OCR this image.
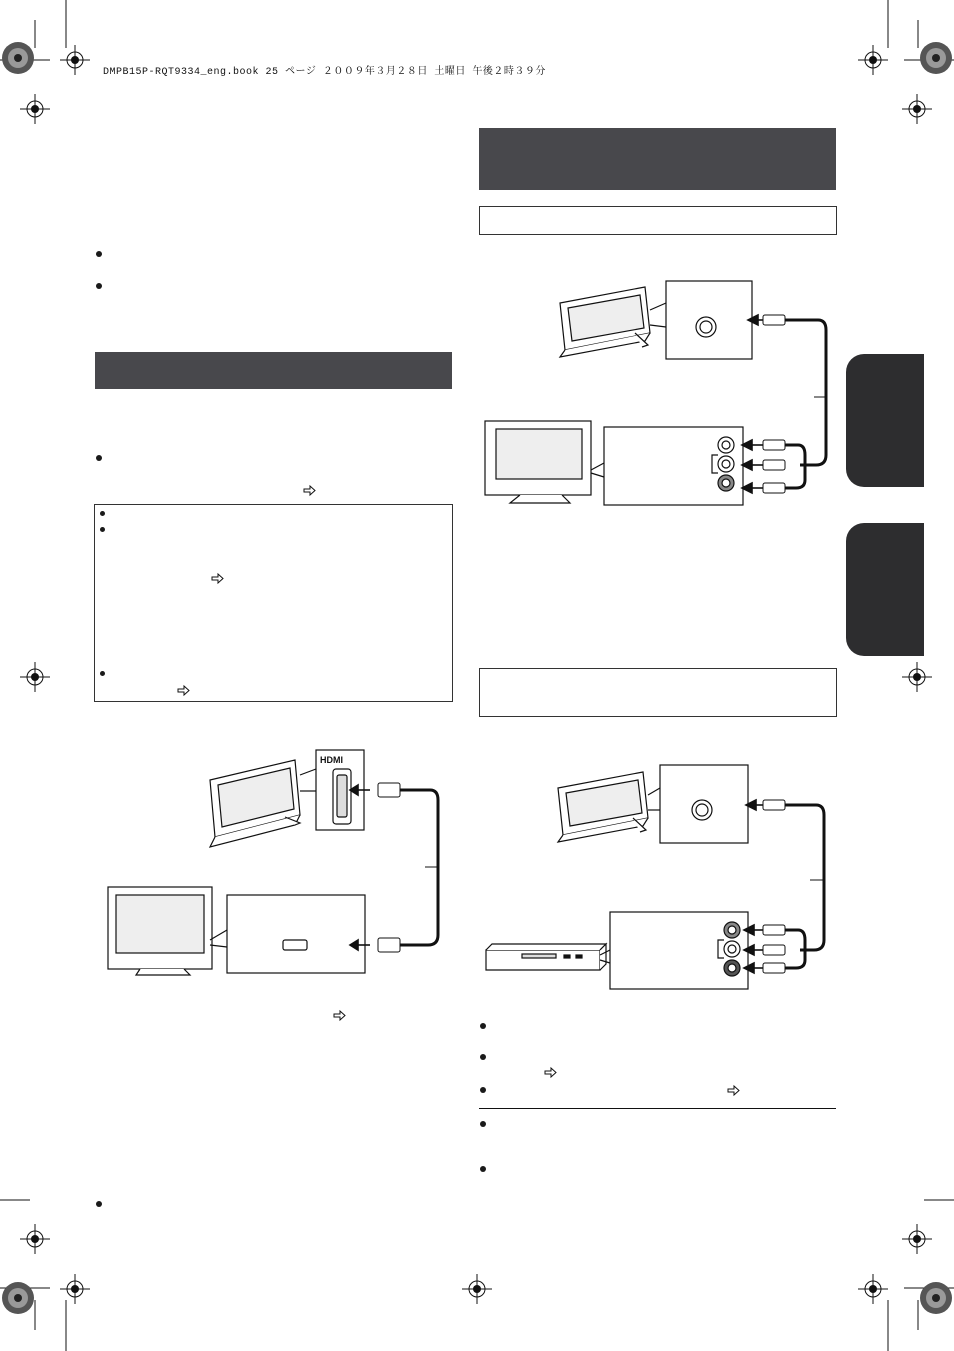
DMPB15P-RQT9334_eng.book 25 ページ ２００９年３月２８日 土曜日 午後２時３９分
HDMI
